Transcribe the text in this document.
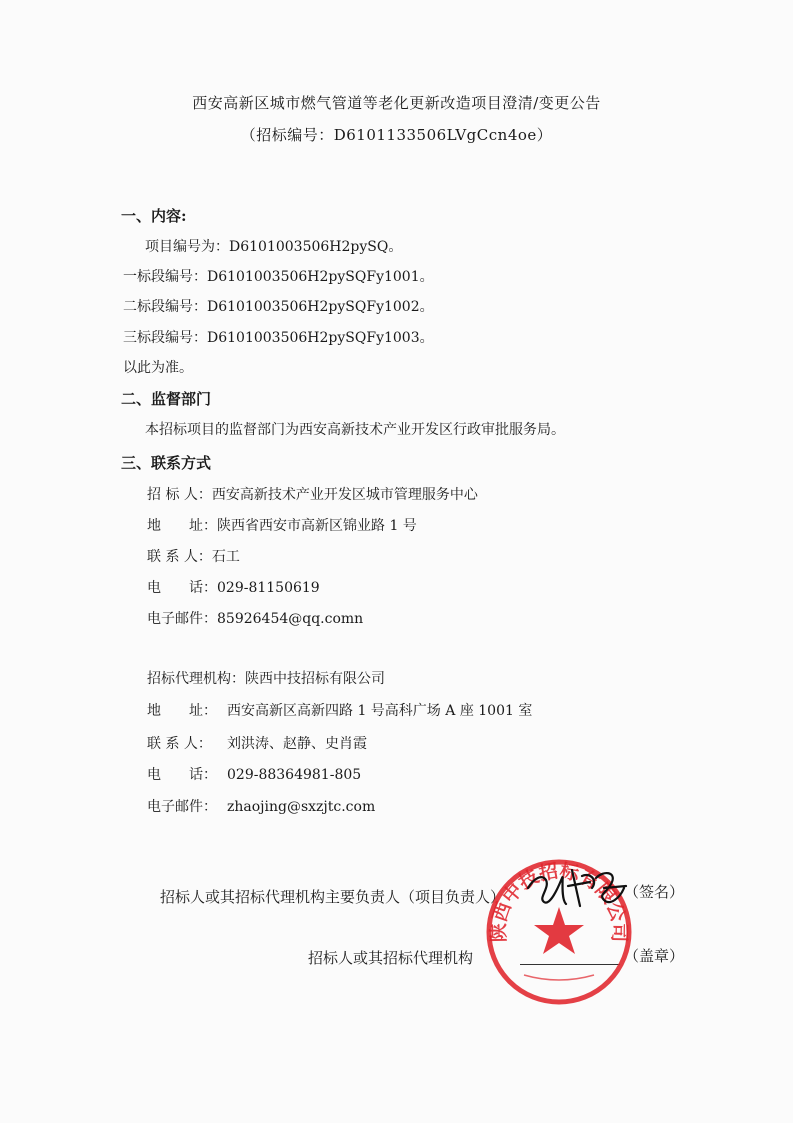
西安高新区城市燃气管道等老化更新改造项目澄清/变更公告
（招标编号：D6101133506LVgCcn4oe）
一、内容:
项目编号为：D6101003506H2pySQ。
一标段编号：D6101003506H2pySQFy1001。
二标段编号：D6101003506H2pySQFy1002。
三标段编号：D6101003506H2pySQFy1003。
以此为准。
二、监督部门
本招标项目的监督部门为西安高新技术产业开发区行政审批服务局。
三、联系方式
招 标 人：西安高新技术产业开发区城市管理服务中心
地　　址：陕西省西安市高新区锦业路 1 号
联 系 人：石工
电　　话：029-81150619
电子邮件：85926454@qq.comn
招标代理机构：陕西中技招标有限公司
地　　址： 西安高新区高新四路 1 号高科广场 A 座 1001 室
联 系 人： 刘洪涛、赵静、史肖霞
电　　话： 029-88364981-805
电子邮件： zhaojing@sxzjtc.com
招标人或其招标代理机构主要负责人（项目负责人）	（签名）
招标人或其招标代理机构	（盖章）
陕西中技招标有限公司
